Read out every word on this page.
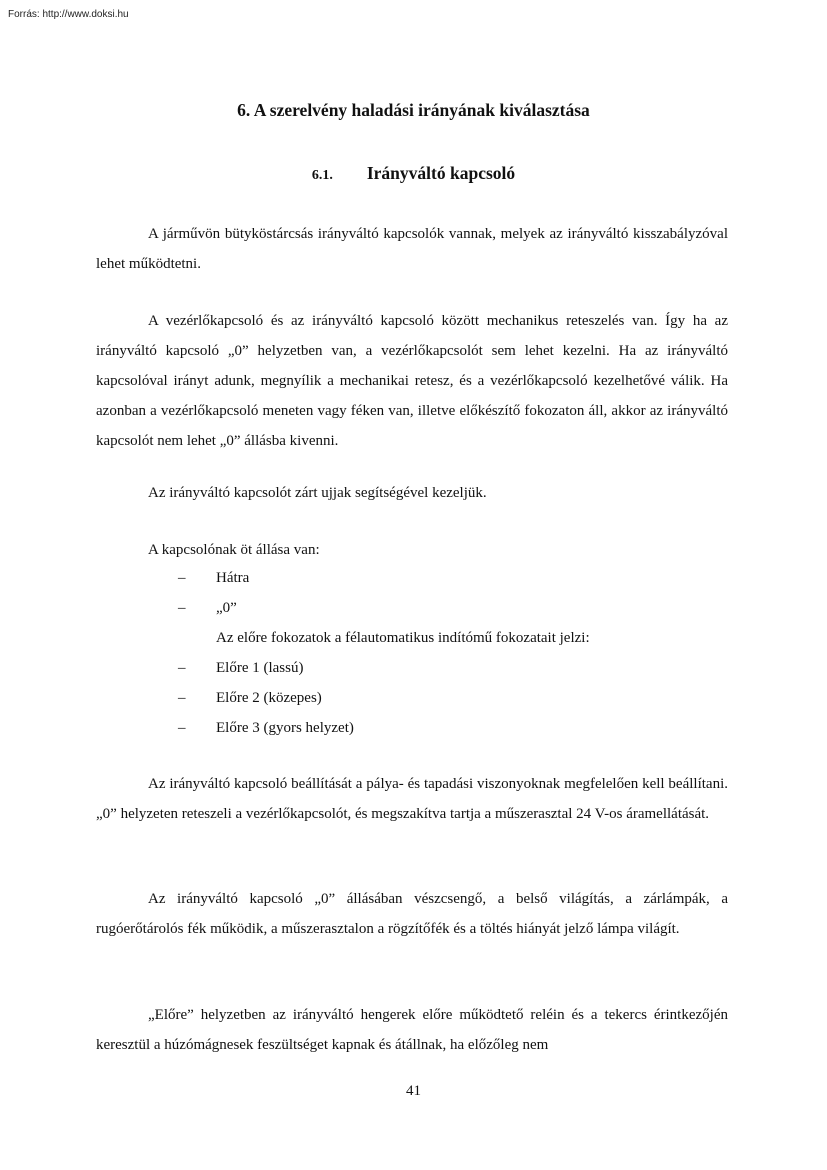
Forrás: http://www.doksi.hu
6. A szerelvény haladási irányának kiválasztása
6.1. Irányváltó kapcsoló

A járművön bütyköstárcsás irányváltó kapcsolók vannak, melyek az irányváltó kisszabályzóval lehet működtetni.

A vezérlőkapcsoló és az irányváltó kapcsoló között mechanikus reteszelés van. Így ha az irányváltó kapcsoló „0” helyzetben van, a vezérlőkapcsolót sem lehet kezelni. Ha az irányváltó kapcsolóval irányt adunk, megnyílik a mechanikai retesz, és a vezérlőkapcsoló kezelhetővé válik. Ha azonban a vezérlőkapcsoló meneten vagy féken van, illetve előkészítő fokozaton áll, akkor az irányváltó kapcsolót nem lehet „0” állásba kivenni.

Az irányváltó kapcsolót zárt ujjak segítségével kezeljük.

A kapcsolónak öt állása van:

– Hátra
– „0”
Az előre fokozatok a félautomatikus indítómű fokozatait jelzi:
– Előre 1 (lassú)
– Előre 2 (közepes)
– Előre 3 (gyors helyzet)

Az irányváltó kapcsoló beállítását a pálya- és tapadási viszonyoknak megfelelően kell beállítani. „0” helyzeten reteszeli a vezérlőkapcsolót, és megszakítva tartja a műszerasztal 24 V-os áramellátását.

Az irányváltó kapcsoló „0” állásában vészcsengő, a belső világítás, a zárlámpák, a rugóerőtárolós fék működik, a műszerasztalon a rögzítőfék és a töltés hiányát jelző lámpa világít.

„Előre” helyzetben az irányváltó hengerek előre működtető reléin és a tekercs érintkezőjén keresztül a húzómágnesek feszültséget kapnak és átállnak, ha előzőleg nem

41
